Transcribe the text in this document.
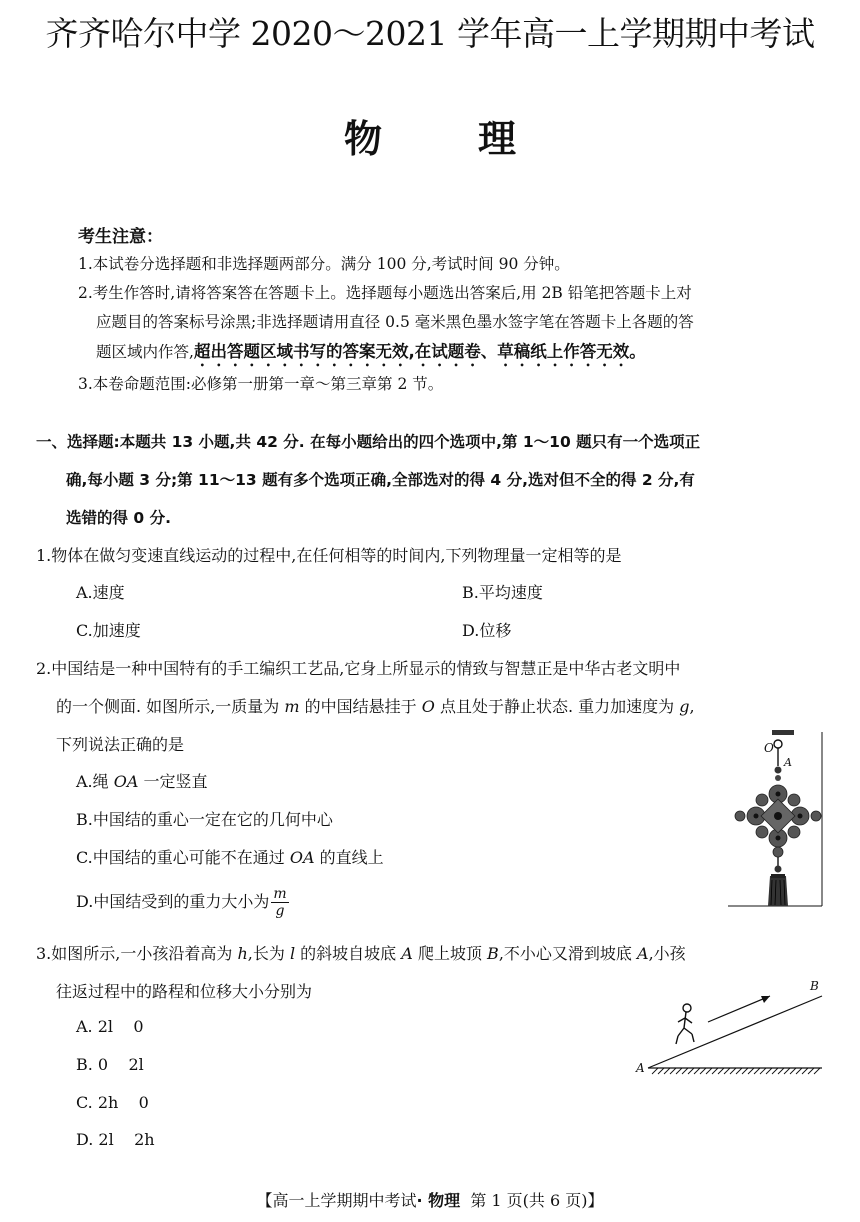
齐齐哈尔中学 2020～2021 学年高一上学期期中考试
物	理
考生注意：
1.本试卷分选择题和非选择题两部分。满分 100 分,考试时间 90 分钟。
2.考生作答时,请将答案答在答题卡上。选择题每小题选出答案后,用 2B 铅笔把答题卡上对
应题目的答案标号涂黑;非选择题请用直径 0.5 毫米黑色墨水签字笔在答题卡上各题的答
题区域内作答,超出答题区域书写的答案无效,在试题卷、草稿纸上作答无效。
3.本卷命题范围:必修第一册第一章～第三章第 2 节。
一、选择题:本题共 13 小题,共 42 分. 在每小题给出的四个选项中,第 1～10 题只有一个选项正
确,每小题 3 分;第 11～13 题有多个选项正确,全部选对的得 4 分,选对但不全的得 2 分,有
选错的得 0 分.
1.物体在做匀变速直线运动的过程中,在任何相等的时间内,下列物理量一定相等的是
A.速度	B.平均速度
C.加速度	D.位移
2.中国结是一种中国特有的手工编织工艺品,它身上所显示的情致与智慧正是中华古老文明中
的一个侧面. 如图所示,一质量为 m 的中国结悬挂于 O 点且处于静止状态. 重力加速度为 g,
下列说法正确的是
A.绳 OA 一定竖直
B.中国结的重心一定在它的几何中心
C.中国结的重心可能不在通过 OA 的直线上
D.中国结受到的重力大小为 $\frac{m}{g}$
O
A
3.如图所示,一小孩沿着高为 h,长为 l 的斜坡自坡底 A 爬上坡顶 B,不小心又滑到坡底 A,小孩
往返过程中的路程和位移大小分别为
A. 2l    0
B. 0    2l
C. 2h    0
D. 2l    2h
A
B
【高一上学期期中考试· 物理  第 1 页(共 6 页)】
